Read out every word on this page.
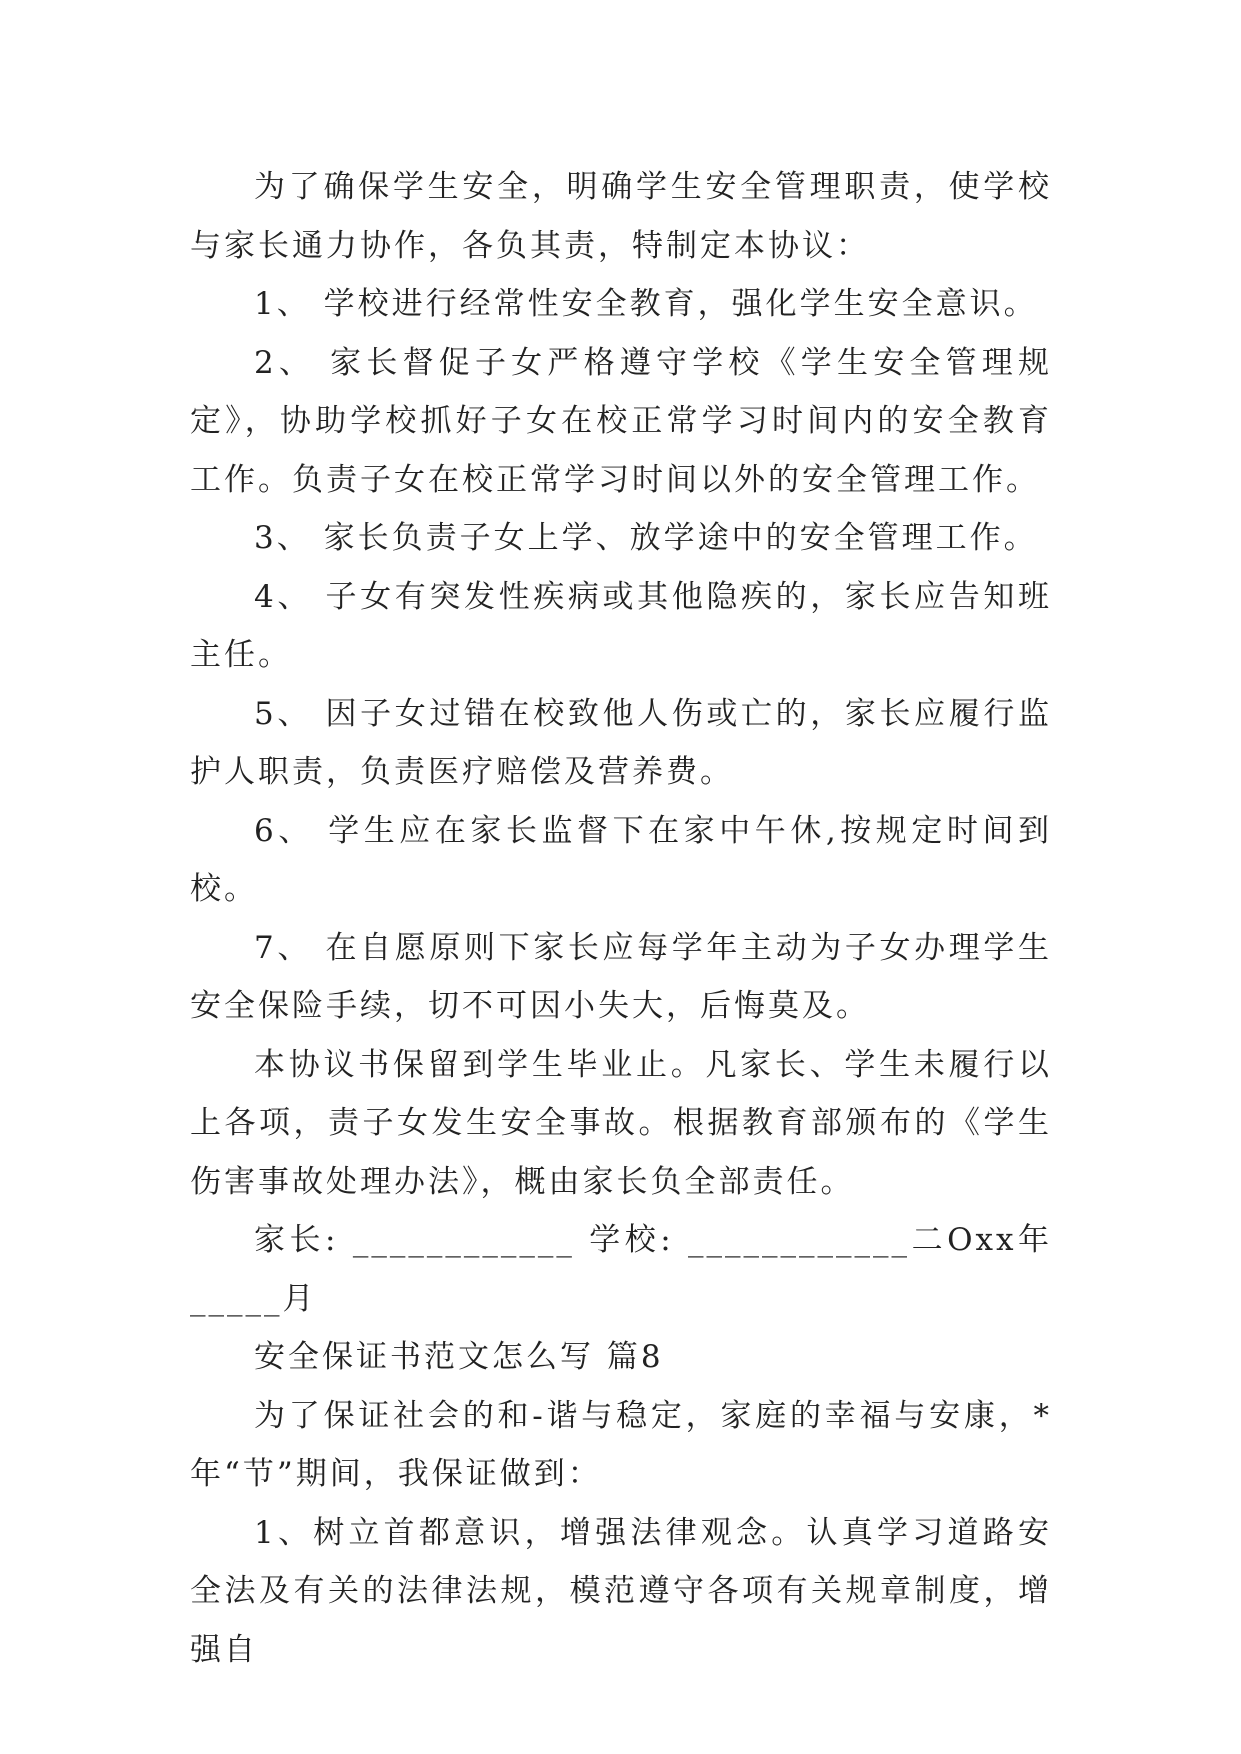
为了确保学生安全，明确学生安全管理职责，使学校与家长通力协作，各负其责，特制定本协议：

1、 学校进行经常性安全教育，强化学生安全意识。

2、 家长督促子女严格遵守学校《学生安全管理规定》，协助学校抓好子女在校正常学习时间内的安全教育工作。负责子女在校正常学习时间以外的安全管理工作。

3、 家长负责子女上学、放学途中的安全管理工作。

4、 子女有突发性疾病或其他隐疾的，家长应告知班主任。

5、 因子女过错在校致他人伤或亡的，家长应履行监护人职责，负责医疗赔偿及营养费。

6、 学生应在家长监督下在家中午休,按规定时间到校。

7、 在自愿原则下家长应每学年主动为子女办理学生安全保险手续，切不可因小失大，后悔莫及。

本协议书保留到学生毕业止。凡家长、学生未履行以上各项，责子女发生安全事故。根据教育部颁布的《学生伤害事故处理办法》，概由家长负全部责任。

家长: ____________ 学校: ____________二Oxx年_____月

安全保证书范文怎么写 篇8

为了保证社会的和-谐与稳定，家庭的幸福与安康，*年“节”期间，我保证做到：

1、树立首都意识，增强法律观念。认真学习道路安全法及有关的法律法规，模范遵守各项有关规章制度，增强自
